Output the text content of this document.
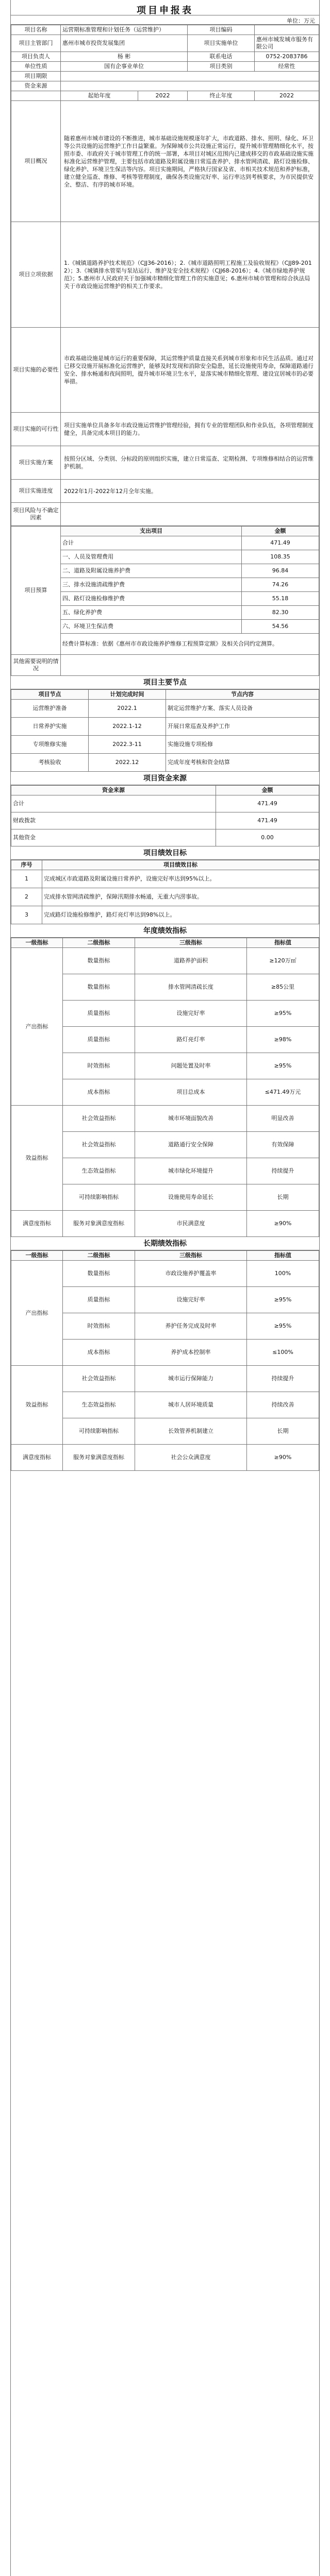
项目申报表
单位：万元
项目名称	运营期标准管理和计划任务（运营维护）		项目编码	
项目主管部门	惠州市城市投资发展集团		项目实施单位	惠州市城发城市服务有限公司
项目负责人	杨 彬		联系电话	0752-2083786
单位性质	国有企事业单位		项目类别	经常性
项目期限				
资金来源				
	起始年度	2022	终止年度	2022
项目概况	随着惠州市城市建设的不断推进，城市基础设施规模逐年扩大，市政道路、排水、照明、绿化、环卫等公共设施的运营维护工作日益繁重。为保障城市公共设施正常运行，提升城市管理精细化水平，按照市委、市政府关于城市管理工作的统一部署，本项目对城区范围内已建成移交的市政基础设施实施标准化运营维护管理，主要包括市政道路及附属设施日常巡查养护、排水管网清疏、路灯设施检修、绿化养护、环境卫生保洁等内容。项目实施期间，严格执行国家及省、市相关技术规范和养护标准，建立健全巡查、维修、考核等管理制度，确保各类设施完好率、运行率达到考核要求，为市民提供安全、整洁、有序的城市环境。			
项目立项依据	1.《城镇道路养护技术规范》（CJJ36-2016）；2.《城市道路照明工程施工及验收规程》（CJJ89-2012）；3.《城镇排水管渠与泵站运行、维护及安全技术规程》（CJJ68-2016）；4.《城市绿地养护规范》；5.惠州市人民政府关于加强城市精细化管理工作的实施意见；6.惠州市城市管理和综合执法局关于市政设施运营维护的相关工作要求。			
项目实施的必要性	市政基础设施是城市运行的重要保障，其运营维护质量直接关系到城市形象和市民生活品质。通过对已移交设施开展标准化运营维护，能够及时发现和消除安全隐患，延长设施使用寿命，保障道路通行安全、排水畅通和夜间照明，提升城市环境卫生水平，是落实城市精细化管理、建设宜居城市的必要举措。			
项目实施的可行性	项目实施单位具备多年市政设施运营维护管理经验，拥有专业的管理团队和作业队伍，各项管理制度健全，具备完成本项目的能力。			
项目实施方案	按照分区域、分类别、分标段的原则组织实施，建立日常巡查、定期检测、专项维修相结合的运营维护机制。			
项目实施进度	2022年1月-2022年12月全年实施。			
项目风险与不确定因素				
项目预算	支出项目	金额
	合计	471.49
	一、人员及管理费用	108.35
	二、道路及附属设施养护费	96.84
	三、排水设施清疏维护费	74.26
	四、路灯设施检修维护费	55.18
	五、绿化养护费	82.30
	六、环境卫生保洁费	54.56
	经费计算标准：依据《惠州市市政设施养护维修工程预算定额》及相关合同约定测算。	
其他需要说明的情况		
项目主要节点
项目节点	计划完成时间	节点内容
运营维护准备	2022.1	制定运营维护方案、落实人员设备
日常养护实施	2022.1-12	开展日常巡查及养护工作
专项维修实施	2022.3-11	实施设施专项检修
考核验收	2022.12	完成年度考核和资金结算
项目资金来源
资金来源	金额
合计	471.49
财政拨款	471.49
其他资金	0.00
项目绩效目标
序号	项目绩效目标
1	完成城区市政道路及附属设施日常养护，设施完好率达到95%以上。
2	完成排水管网清疏维护，保障汛期排水畅通，无重大内涝事故。
3	完成路灯设施检修维护，路灯亮灯率达到98%以上。
年度绩效指标
一级指标	二级指标	三级指标	指标值
产出指标	数量指标	道路养护面积	≥120万㎡
	数量指标	排水管网清疏长度	≥85公里
	质量指标	设施完好率	≥95%
	质量指标	路灯亮灯率	≥98%
	时效指标	问题处置及时率	≥95%
	成本指标	项目总成本	≤471.49万元
效益指标	社会效益指标	城市环境面貌改善	明显改善
	社会效益指标	道路通行安全保障	有效保障
	生态效益指标	城市绿化环境提升	持续提升
	可持续影响指标	设施使用寿命延长	长期
满意度指标	服务对象满意度指标	市民满意度	≥90%
长期绩效指标
一级指标	二级指标	三级指标	指标值
产出指标	数量指标	市政设施养护覆盖率	100%
	质量指标	设施完好率	≥95%
	时效指标	养护任务完成及时率	≥95%
	成本指标	养护成本控制率	≤100%
效益指标	社会效益指标	城市运行保障能力	持续提升
	生态效益指标	城市人居环境质量	持续改善
	可持续影响指标	长效管养机制建立	长期
满意度指标	服务对象满意度指标	社会公众满意度	≥90%
